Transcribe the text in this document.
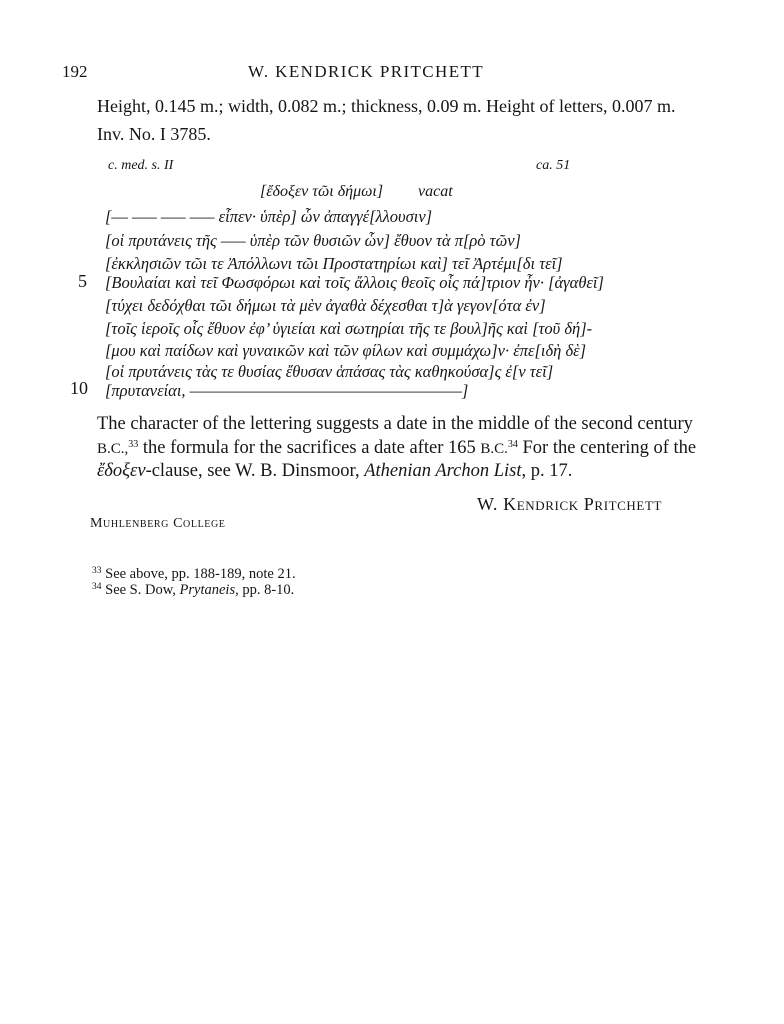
192	W. KENDRICK PRITCHETT
Height, 0.145 m.; width, 0.082 m.; thickness, 0.09 m. Height of letters, 0.007 m.
Inv. No. I 3785.
c. med. s. II	ca. 51
[ἔδοξεν τῶι δήμωι] vacat
[–– ––– ––– ––– εἶπεν· ὑπὲρ] ὧν ἀπαγγέ[λλουσιν]
[οἱ πρυτάνεις τῆς ––– ὑπὲρ τῶν θυσιῶν ὧν] ἔθυον τὰ π[ρὸ τῶν]
[ἐκκλησιῶν τῶι τε Ἀπόλλωνι τῶι Προστατηρίωι καὶ] τεῖ Ἀρτέμι[δι τεῖ]
5 [Βουλαίαι καὶ τεῖ Φωσφόρωι καὶ τοῖς ἄλλοις θεοῖς οἷς πά]τριον ἦν· [ἀγαθεῖ]
[τύχει δεδόχθαι τῶι δήμωι τὰ μὲν ἀγαθὰ δέχεσθαι τ]ὰ γεγον[ότα ἐν]
[τοῖς ἱεροῖς οἷς ἔθυον ἐφ’ ὑγιείαι καὶ σωτηρίαι τῆς τε βουλ]ῆς καὶ [τοῦ δή]-
[μου καὶ παίδων καὶ γυναικῶν καὶ τῶν φίλων καὶ συμμάχω]ν· ἐπε[ιδὴ δὲ]
[οἱ πρυτάνεις τὰς τε θυσίας ἔθυσαν ἁπάσας τὰς καθηκούσα]ς ἐ[ν τεῖ]
10 [πρυτανείαι, –––––––––––––––––––––––––––––––––]
The character of the lettering suggests a date in the middle of the second century
B.C.,$^{33}$ the formula for the sacrifices a date after 165 B.C.$^{34}$ For the centering of the
ἔδοξεν-clause, see W. B. Dinsmoor, Athenian Archon List, p. 17.
W. Kendrick Pritchett
Muhlenberg College
$^{33}$ See above, pp. 188-189, note 21.
$^{34}$ See S. Dow, Prytaneis, pp. 8-10.
